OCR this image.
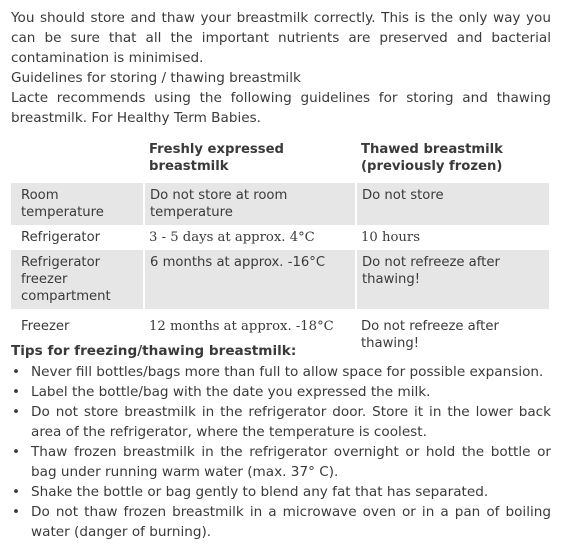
You should store and thaw your breastmilk correctly. This is the only way you can be sure that all the important nutrients are preserved and bacterial contamination is minimised.

Guidelines for storing / thawing breastmilk

Lacte recommends using the following guidelines for storing and thawing breastmilk. For Healthy Term Babies.

	Freshly expressed breastmilk	Thawed breastmilk (previously frozen)
Room temperature	Do not store at room temperature	Do not store
Refrigerator	3 - 5 days at approx. 4°C	10 hours
Refrigerator freezer compartment	6 months at approx. -16°C	Do not refreeze after thawing!
Freezer	12 months at approx. -18°C	Do not refreeze after thawing!
Tips for freezing/thawing breastmilk:
• Never fill bottles/bags more than full to allow space for possible expansion.
• Label the bottle/bag with the date you expressed the milk.
• Do not store breastmilk in the refrigerator door. Store it in the lower back area of the refrigerator, where the temperature is coolest.
• Thaw frozen breastmilk in the refrigerator overnight or hold the bottle or bag under running warm water (max. 37° C).
• Shake the bottle or bag gently to blend any fat that has separated.
• Do not thaw frozen breastmilk in a microwave oven or in a pan of boiling water (danger of burning).
